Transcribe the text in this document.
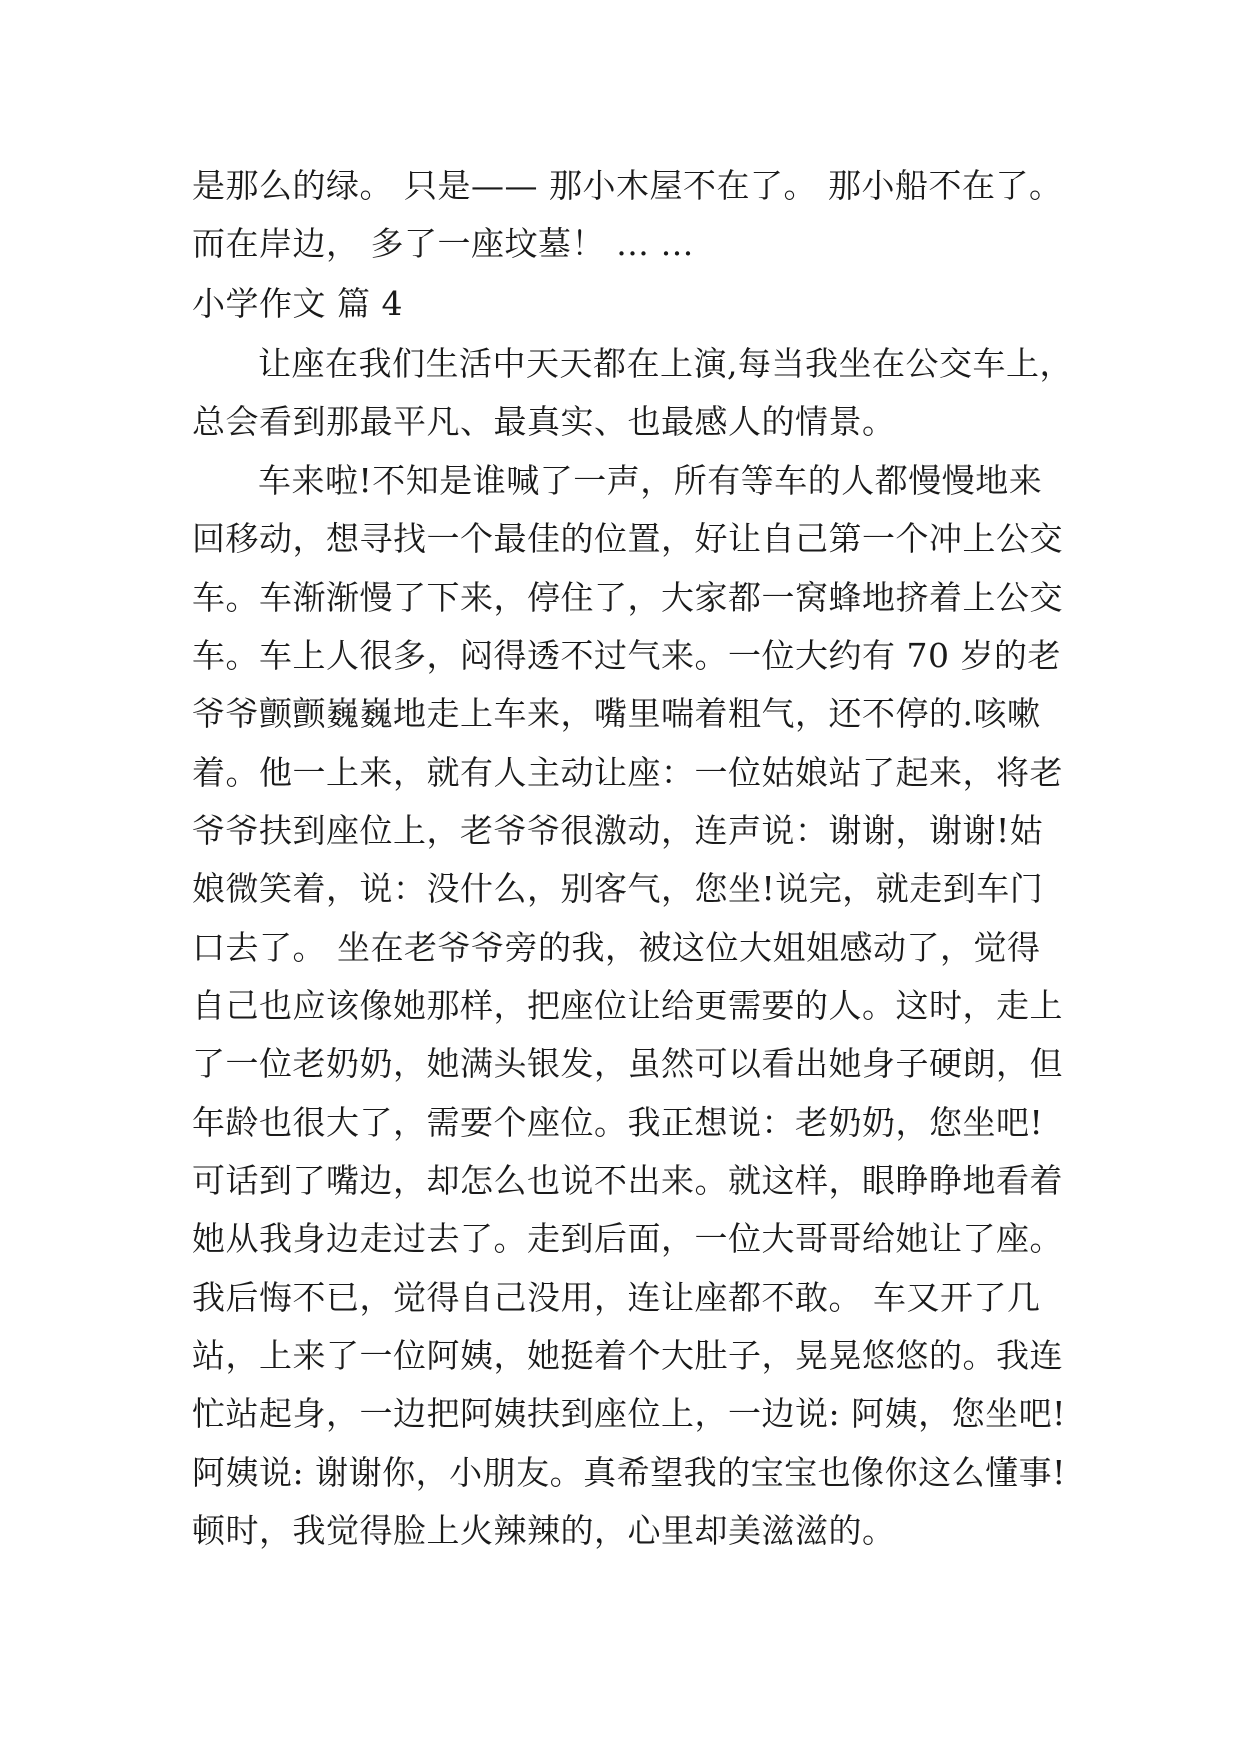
是那么的绿。 只是—— 那小木屋不在了。 那小船不在了。
而在岸边， 多了一座坟墓！ … …
小学作文 篇 4
让座在我们生活中天天都在上演,每当我坐在公交车上，
总会看到那最平凡、最真实、也最感人的情景。
车来啦!不知是谁喊了一声，所有等车的人都慢慢地来
回移动，想寻找一个最佳的位置，好让自己第一个冲上公交
车。车渐渐慢了下来，停住了，大家都一窝蜂地挤着上公交
车。车上人很多，闷得透不过气来。一位大约有 70 岁的老
爷爷颤颤巍巍地走上车来，嘴里喘着粗气，还不停的.咳嗽
着。他一上来，就有人主动让座：一位姑娘站了起来，将老
爷爷扶到座位上，老爷爷很激动，连声说：谢谢，谢谢!姑
娘微笑着，说：没什么，别客气，您坐!说完，就走到车门
口去了。 坐在老爷爷旁的我，被这位大姐姐感动了，觉得
自己也应该像她那样，把座位让给更需要的人。这时，走上
了一位老奶奶，她满头银发，虽然可以看出她身子硬朗，但
年龄也很大了，需要个座位。我正想说：老奶奶，您坐吧!
可话到了嘴边，却怎么也说不出来。就这样，眼睁睁地看着
她从我身边走过去了。走到后面，一位大哥哥给她让了座。
我后悔不已，觉得自己没用，连让座都不敢。 车又开了几
站，上来了一位阿姨，她挺着个大肚子，晃晃悠悠的。我连
忙站起身，一边把阿姨扶到座位上，一边说: 阿姨，您坐吧!
阿姨说: 谢谢你，小朋友。真希望我的宝宝也像你这么懂事!
顿时，我觉得脸上火辣辣的，心里却美滋滋的。
